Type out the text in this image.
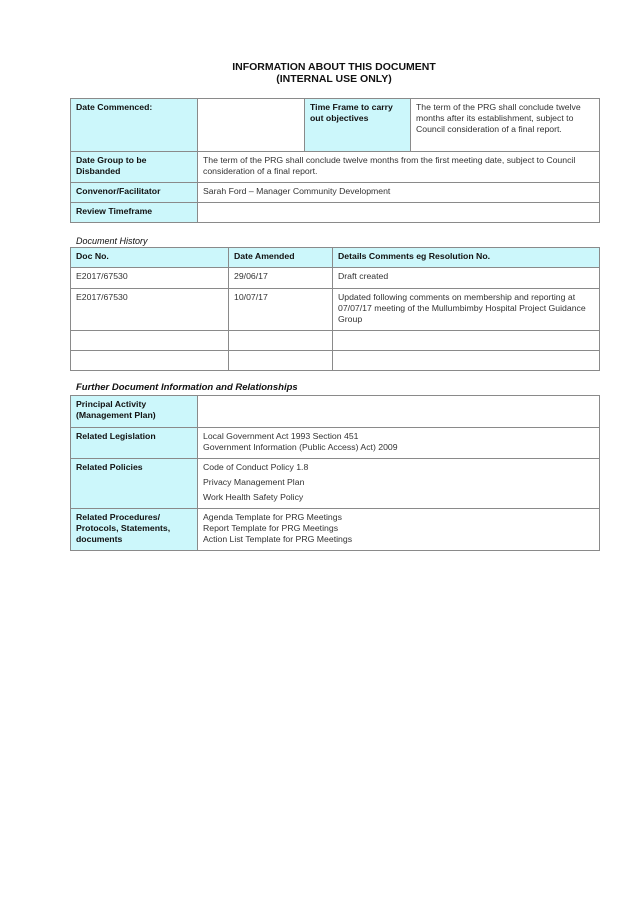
INFORMATION ABOUT THIS DOCUMENT
(INTERNAL USE ONLY)
Date Commenced:		Time Frame to carry out objectives	The term of the PRG shall conclude twelve months after its establishment, subject to Council consideration of a final report.
Date Group to be Disbanded	The term of the PRG shall conclude twelve months from the first meeting date, subject to Council consideration of a final report.		
Convenor/Facilitator	Sarah Ford – Manager Community Development		
Review Timeframe			
Document History
Doc No.	Date Amended	Details Comments eg Resolution No.
E2017/67530	29/06/17	Draft created
E2017/67530	10/07/17	Updated following comments on membership and reporting at 07/07/17 meeting of the Mullumbimby Hospital Project Guidance Group

Further Document Information and Relationships
Principal Activity (Management Plan)	
Related Legislation	Local Government Act 1993 Section 451
Government Information (Public Access) Act) 2009

Related Policies	Code of Conduct Policy 1.8
Privacy Management Plan
Work Health Safety Policy

Related Procedures/ Protocols, Statements, documents	Agenda Template for PRG Meetings
Report Template for PRG Meetings
Action List Template for PRG Meetings
